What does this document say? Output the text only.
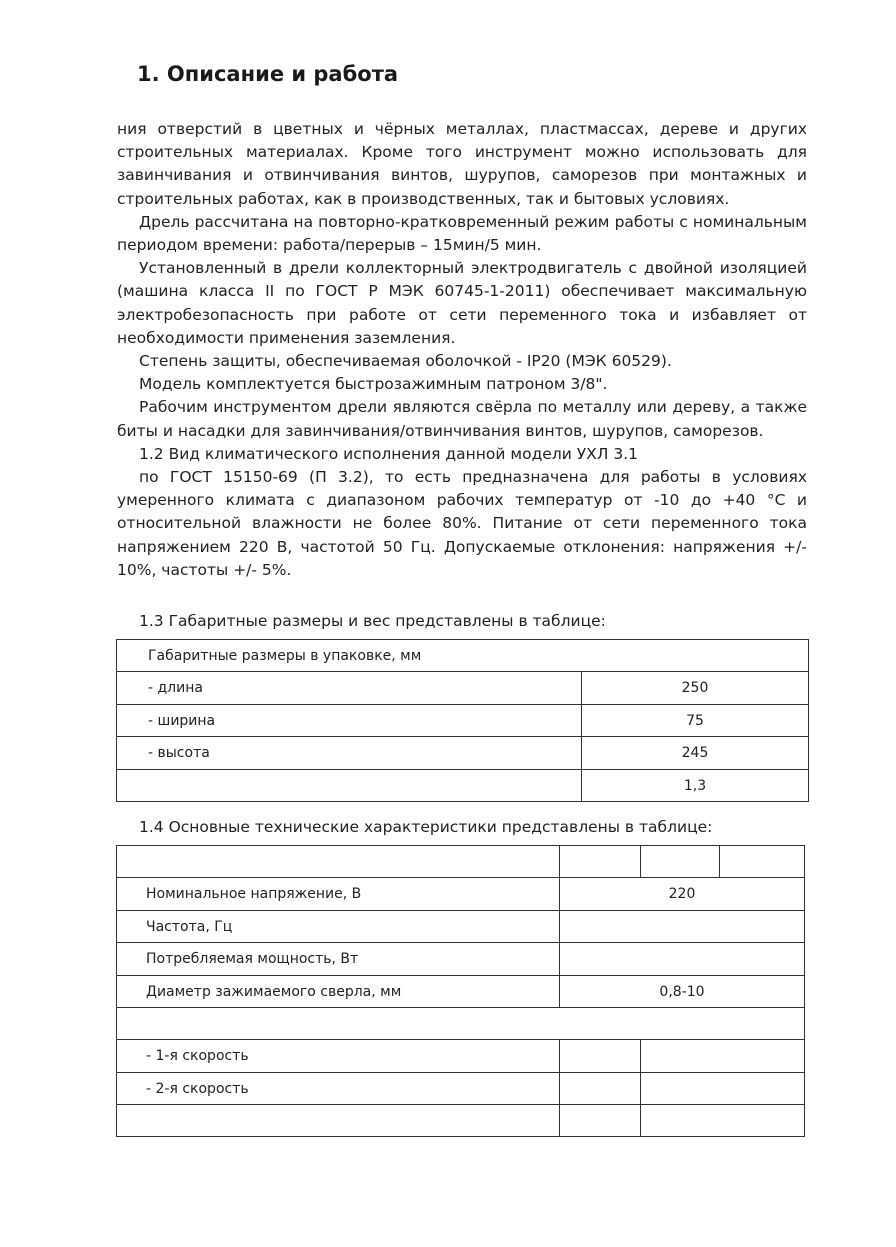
1. Описание и работа

ния отверстий в цветных и чёрных металлах, пластмассах, дереве и других строительных материалах. Кроме того инструмент можно использовать для завинчивания и отвинчивания винтов, шурупов, саморезов при монтажных и строительных работах, как в производственных, так и бытовых условиях.

Дрель рассчитана на повторно-кратковременный режим работы с номинальным периодом времени: работа/перерыв – 15мин/5 мин.

Установленный в дрели коллекторный электродвигатель с двойной изоляцией (машина класса II по ГОСТ Р МЭК 60745-1-2011) обеспечивает максимальную электробезопасность при работе от сети переменного тока и избавляет от необходимости применения заземления.

Степень защиты, обеспечиваемая оболочкой - IP20 (МЭК 60529).

Модель комплектуется быстрозажимным патроном 3/8".

Рабочим инструментом дрели являются свёрла по металлу или дереву, а также биты и насадки для завинчивания/отвинчивания винтов, шурупов, саморезов.

1.2 Вид климатического исполнения данной модели УХЛ 3.1

по ГОСТ 15150-69 (П 3.2), то есть предназначена для работы в условиях умеренного климата с диапазоном рабочих температур от -10 до +40 °С и относительной влажности не более 80%. Питание от сети переменного тока напряжением 220 В, частотой 50 Гц. Допускаемые отклонения: напряжения +/- 10%, частоты +/- 5%.

1.3 Габаритные размеры и вес представлены в таблице:

Габаритные размеры в упаковке, мм	
- длина	250
- ширина	75
- высота	245
	1,3

1.4 Основные технические характеристики представлены в таблице:

Номинальное напряжение, В	220		
Частота, Гц			
Потребляемая мощность, Вт			
Диаметр зажимаемого сверла, мм	0,8-10		

- 1-я скорость			
- 2-я скорость			
